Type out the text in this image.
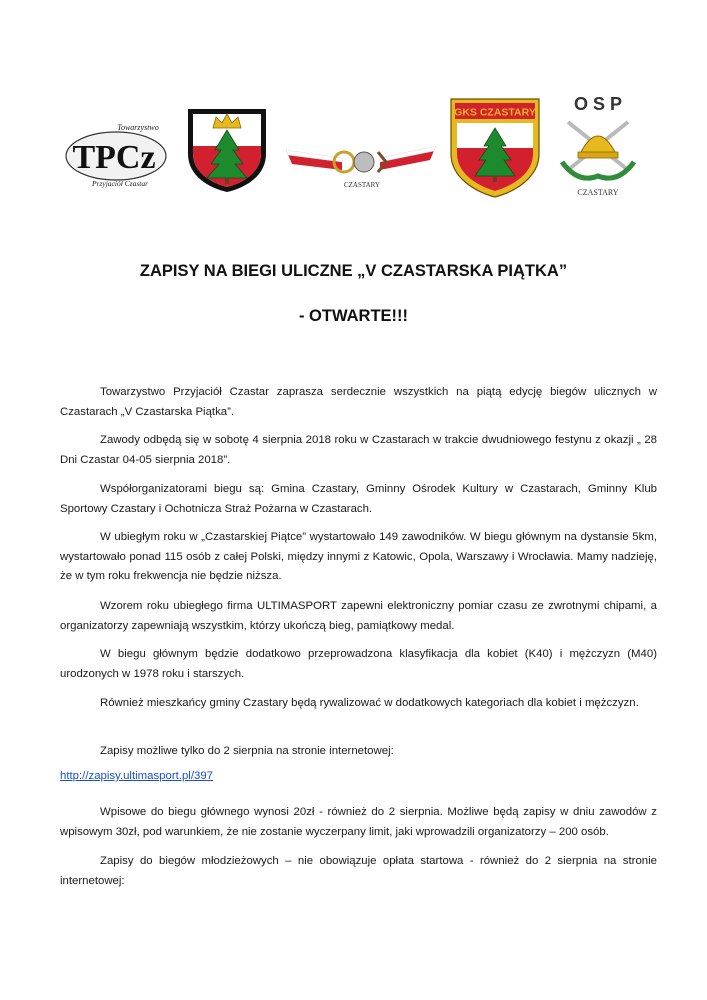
TPCz
Towarzystwo
Przyjaciół Czastar	CZASTARY
GKS CZASTARY O S P
CZASTARY
ZAPISY NA BIEGI ULICZNE „V CZASTARSKA PIĄTKA”
- OTWARTE!!!

Towarzystwo Przyjaciół Czastar zaprasza serdecznie wszystkich na piątą edycję biegów ulicznych w Czastarach „V Czastarska Piątka”.

Zawody odbędą się w sobotę 4 sierpnia 2018 roku w Czastarach w trakcie dwudniowego festynu z okazji „ 28 Dni Czastar 04-05 sierpnia 2018”.

Współorganizatorami biegu są: Gmina Czastary, Gminny Ośrodek Kultury w Czastarach, Gminny Klub Sportowy Czastary i Ochotnicza Straż Pożarna w Czastarach.

W ubiegłym roku w „Czastarskiej Piątce” wystartowało 149 zawodników. W biegu głównym na dystansie 5km, wystartowało ponad 115 osób z całej Polski, między innymi z Katowic, Opola, Warszawy i Wrocławia. Mamy nadzieję, że w tym roku frekwencja nie będzie niższa.

Wzorem roku ubiegłego firma ULTIMASPORT zapewni elektroniczny pomiar czasu ze zwrotnymi chipami, a organizatorzy zapewniają wszystkim, którzy ukończą bieg, pamiątkowy medal.

W biegu głównym będzie dodatkowo przeprowadzona klasyfikacja dla kobiet (K40) i mężczyzn (M40) urodzonych w 1978 roku i starszych.

Również mieszkańcy gminy Czastary będą rywalizować w dodatkowych kategoriach dla kobiet i mężczyzn.

Zapisy możliwe tylko do 2 sierpnia na stronie internetowej:

http://zapisy.ultimasport.pl/397

Wpisowe do biegu głównego wynosi 20zł - również do 2 sierpnia. Możliwe będą zapisy w dniu zawodów z wpisowym 30zł, pod warunkiem, że nie zostanie wyczerpany limit, jaki wprowadzili organizatorzy – 200 osób.

Zapisy do biegów młodzieżowych – nie obowiązuje opłata startowa - również do 2 sierpnia na stronie internetowej:
